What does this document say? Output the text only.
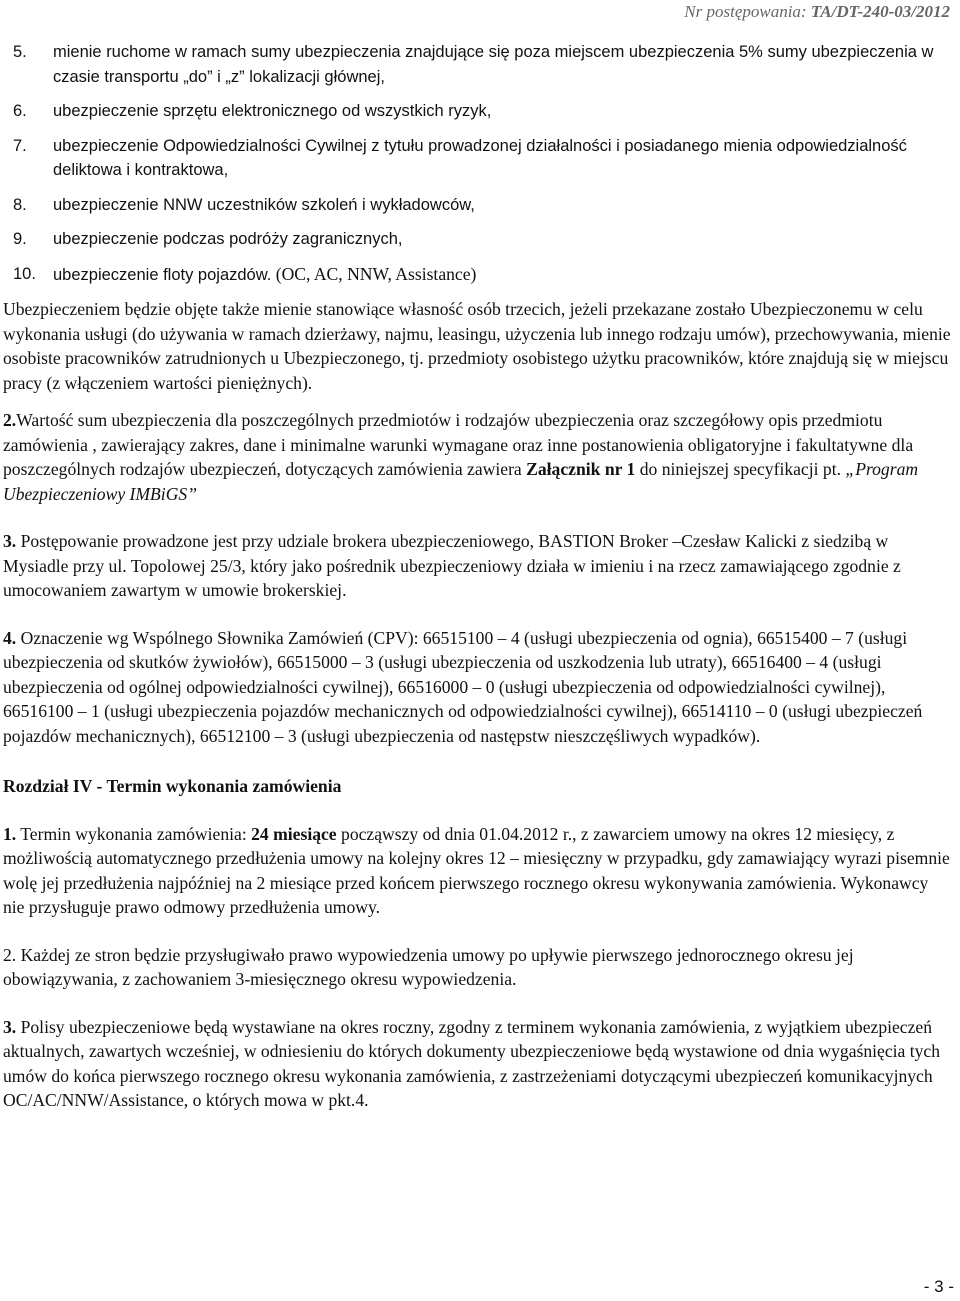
Nr postępowania: TA/DT-240-03/2012
5. mienie ruchome w ramach sumy ubezpieczenia znajdujące się poza miejscem ubezpieczenia 5% sumy ubezpieczenia w czasie transportu „do” i „z” lokalizacji głównej,
6. ubezpieczenie sprzętu elektronicznego od wszystkich ryzyk,
7. ubezpieczenie Odpowiedzialności Cywilnej z tytułu prowadzonej działalności i posiadanego mienia odpowiedzialność deliktowa i kontraktowa,
8. ubezpieczenie NNW uczestników szkoleń i wykładowców,
9. ubezpieczenie podczas podróży zagranicznych,
10. ubezpieczenie floty pojazdów. (OC, AC, NNW, Assistance)

Ubezpieczeniem będzie objęte także mienie stanowiące własność osób trzecich, jeżeli przekazane zostało Ubezpieczonemu w celu wykonania usługi (do używania w ramach dzierżawy, najmu, leasingu, użyczenia lub innego rodzaju umów), przechowywania, mienie osobiste pracowników zatrudnionych u Ubezpieczonego, tj. przedmioty osobistego użytku pracowników, które znajdują się w miejscu pracy (z włączeniem wartości pieniężnych).

2.Wartość sum ubezpieczenia dla poszczególnych przedmiotów i rodzajów ubezpieczenia oraz szczegółowy opis przedmiotu zamówienia , zawierający zakres, dane i minimalne warunki wymagane oraz inne postanowienia obligatoryjne i fakultatywne dla poszczególnych rodzajów ubezpieczeń, dotyczących zamówienia zawiera Załącznik nr 1 do niniejszej specyfikacji pt. „Program Ubezpieczeniowy IMBiGS”

3. Postępowanie prowadzone jest przy udziale brokera ubezpieczeniowego, BASTION Broker –Czesław Kalicki z siedzibą w Mysiadle przy ul. Topolowej 25/3, który jako pośrednik ubezpieczeniowy działa w imieniu i na rzecz zamawiającego zgodnie z umocowaniem zawartym w umowie brokerskiej.

4. Oznaczenie wg Wspólnego Słownika Zamówień (CPV): 66515100 – 4 (usługi ubezpieczenia od ognia), 66515400 – 7 (usługi ubezpieczenia od skutków żywiołów), 66515000 – 3 (usługi ubezpieczenia od uszkodzenia lub utraty), 66516400 – 4 (usługi ubezpieczenia od ogólnej odpowiedzialności cywilnej), 66516000 – 0 (usługi ubezpieczenia od odpowiedzialności cywilnej), 66516100 – 1 (usługi ubezpieczenia pojazdów mechanicznych od odpowiedzialności cywilnej), 66514110 – 0 (usługi ubezpieczeń pojazdów mechanicznych), 66512100 – 3 (usługi ubezpieczenia od następstw nieszczęśliwych wypadków).

Rozdział IV - Termin wykonania zamówienia

1. Termin wykonania zamówienia: 24 miesiące począwszy od dnia 01.04.2012 r., z zawarciem umowy na okres 12 miesięcy, z możliwością automatycznego przedłużenia umowy na kolejny okres 12 – miesięczny w przypadku, gdy zamawiający wyrazi pisemnie wolę jej przedłużenia najpóźniej na 2 miesiące przed końcem pierwszego rocznego okresu wykonywania zamówienia. Wykonawcy nie przysługuje prawo odmowy przedłużenia umowy.

2. Każdej ze stron będzie przysługiwało prawo wypowiedzenia umowy po upływie pierwszego jednorocznego okresu jej obowiązywania, z zachowaniem 3-miesięcznego okresu wypowiedzenia.

3. Polisy ubezpieczeniowe będą wystawiane na okres roczny, zgodny z terminem wykonania zamówienia, z wyjątkiem ubezpieczeń aktualnych, zawartych wcześniej, w odniesieniu do których dokumenty ubezpieczeniowe będą wystawione od dnia wygaśnięcia tych umów do końca pierwszego rocznego okresu wykonania zamówienia, z zastrzeżeniami dotyczącymi ubezpieczeń komunikacyjnych OC/AC/NNW/Assistance, o których mowa w pkt.4.

- 3 -
